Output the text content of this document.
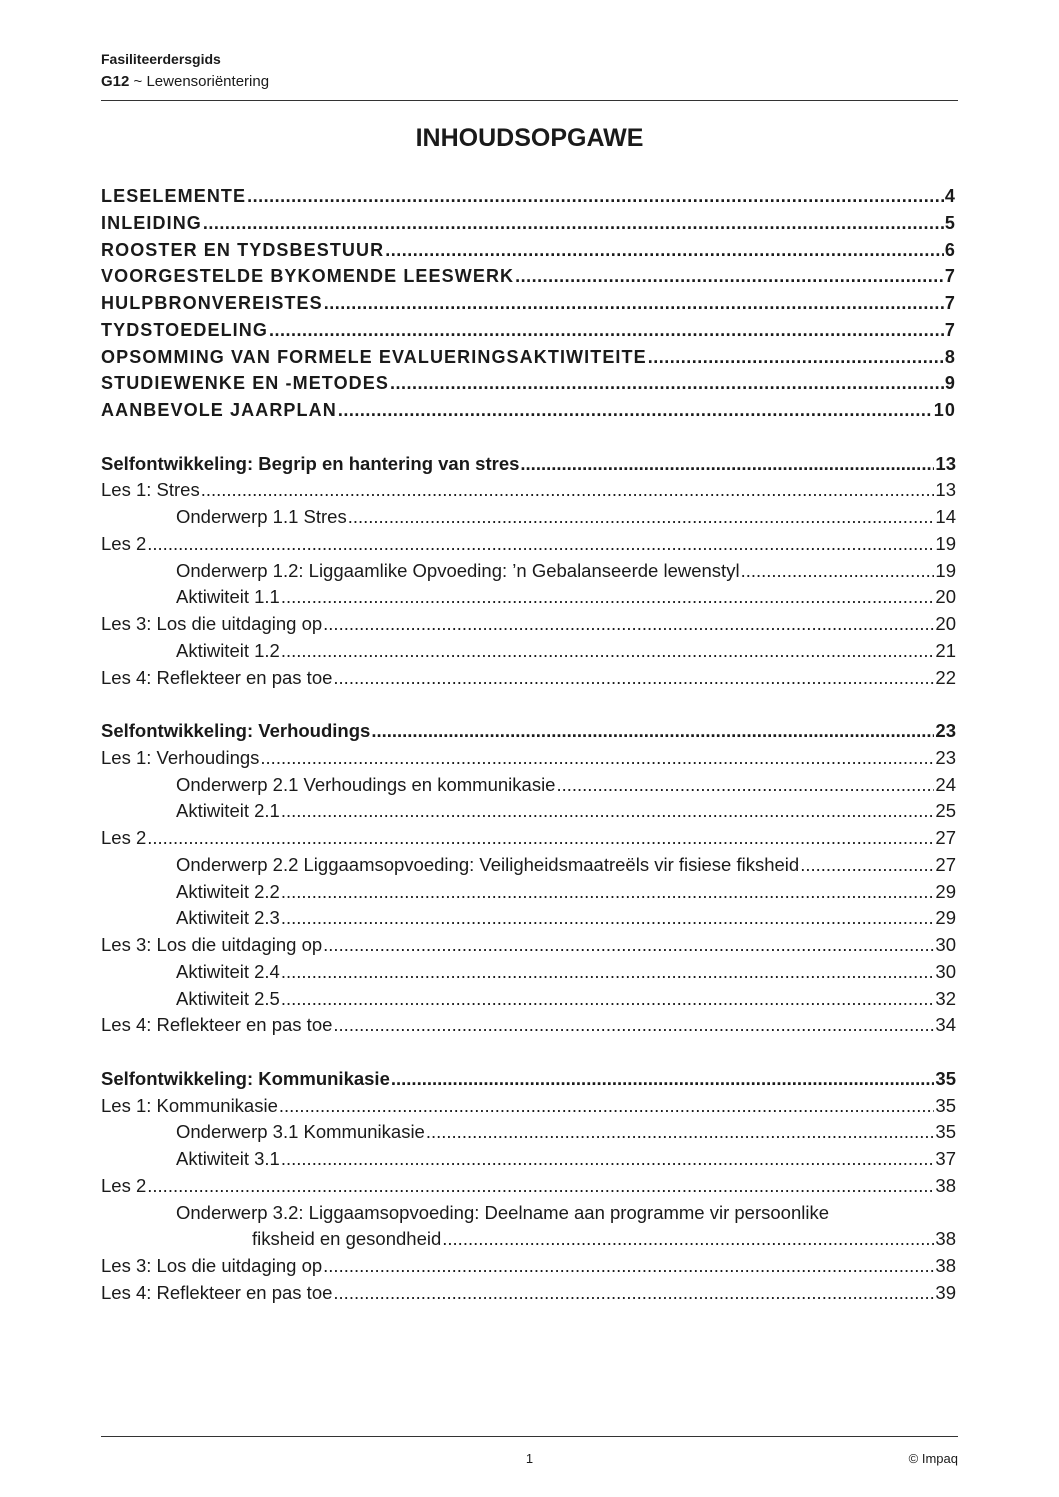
Fasiliteerdersgids
G12 ~ Lewensoriëntering
INHOUDSOPGAWE
LESELEMENTE .....	4
INLEIDING .....	5
ROOSTER EN TYDSBESTUUR .....	6
VOORGESTELDE BYKOMENDE LEESWERK .....	7
HULPBRONVEREISTES .....	7
TYDSTOEDELING .....	7
OPSOMMING VAN FORMELE EVALUERINGSAKTIWITEITE .....	8
STUDIEWENKE EN -METODES .....	9
AANBEVOLE JAARPLAN .....	10
Selfontwikkeling: Begrip en hantering van stres .....	13
Les 1: Stres .....	13
Onderwerp 1.1 Stres .....	14
Les 2 .....	19
Onderwerp 1.2: Liggaamlike Opvoeding: ’n Gebalanseerde lewenstyl .....	19
Aktiwiteit 1.1 .....	20
Les 3: Los die uitdaging op .....	20
Aktiwiteit 1.2 .....	21
Les 4: Reflekteer en pas toe .....	22
Selfontwikkeling: Verhoudings .....	23
Les 1: Verhoudings .....	23
Onderwerp 2.1 Verhoudings en kommunikasie .....	24
Aktiwiteit 2.1 .....	25
Les 2 .....	27
Onderwerp 2.2 Liggaamsopvoeding: Veiligheidsmaatreëls vir fisiese fiksheid .....	27
Aktiwiteit 2.2 .....	29
Aktiwiteit 2.3 .....	29
Les 3: Los die uitdaging op .....	30
Aktiwiteit 2.4 .....	30
Aktiwiteit 2.5 .....	32
Les 4: Reflekteer en pas toe .....	34
Selfontwikkeling: Kommunikasie .....	35
Les 1: Kommunikasie .....	35
Onderwerp 3.1 Kommunikasie .....	35
Aktiwiteit 3.1 .....	37
Les 2 .....	38
Onderwerp 3.2: Liggaamsopvoeding: Deelname aan programme vir persoonlike
fiksheid en gesondheid .....	38
Les 3: Los die uitdaging op .....	38
Les 4: Reflekteer en pas toe .....	39
1	© Impaq
